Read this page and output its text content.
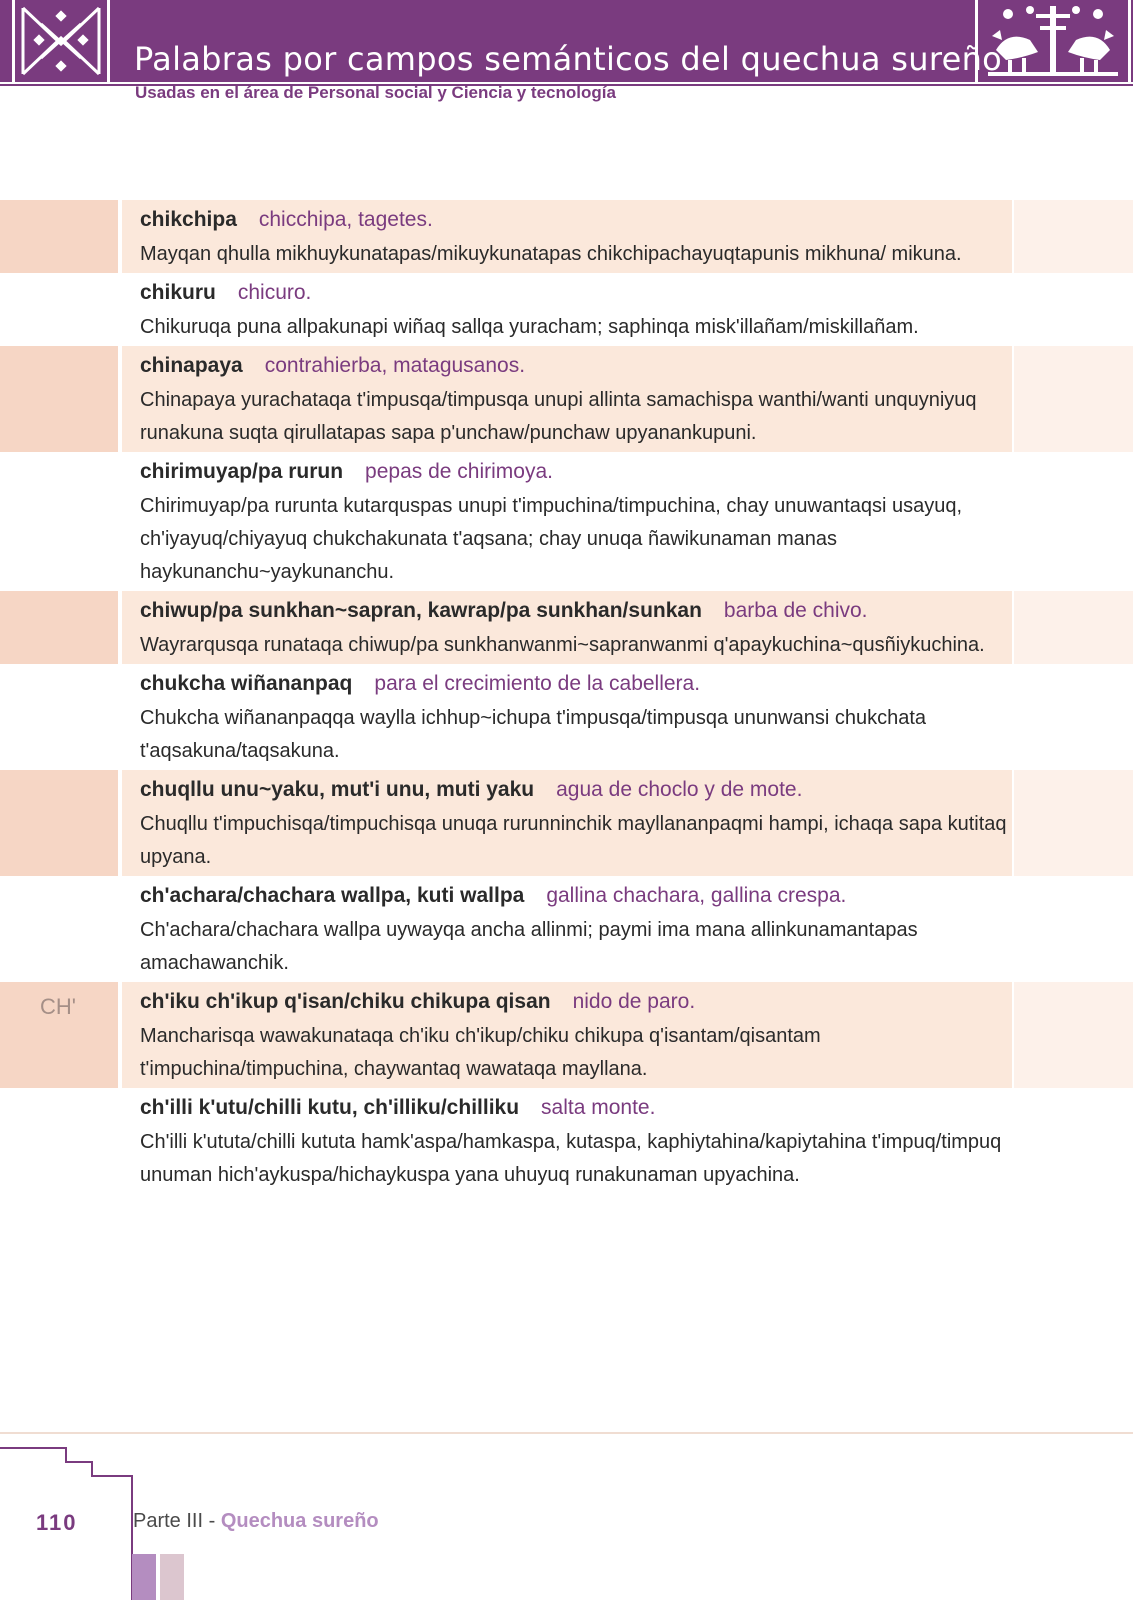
Palabras por campos semánticos del quechua sureño
Usadas en el área de Personal social y Ciencia y tecnología
chikchipa chicchipa, tagetes.
Mayqan qhulla mikhuykunatapas/mikuykunatapas chikchipachayuqtapunis mikhuna/ mikuna.
chikuru chicuro.
Chikuruqa puna allpakunapi wiñaq sallqa yuracham; saphinqa misk'illañam/miskillañam.
chinapaya contrahierba, matagusanos.
Chinapaya yurachataqa t'impusqa/timpusqa unupi allinta samachispa wanthi/wanti unquyniyuq runakuna suqta qirullatapas sapa p'unchaw/punchaw upyanankupuni.
chirimuyap/pa rurun pepas de chirimoya.
Chirimuyap/pa rurunta kutarquspas unupi t'impuchina/timpuchina, chay unuwantaqsi usayuq, ch'iyayuq/chiyayuq chukchakunata t'aqsana; chay unuqa ñawikunaman manas haykunanchu~yaykunanchu.
chiwup/pa sunkhan~sapran, kawrap/pa sunkhan/sunkan barba de chivo.
Wayrarqusqa runataqa chiwup/pa sunkhanwanmi~sapranwanmi q'apaykuchina~qusñiykuchina.
chukcha wiñananpaq para el crecimiento de la cabellera.
Chukcha wiñananpaqqa waylla ichhup~ichupa t'impusqa/timpusqa ununwansi chukchata t'aqsakuna/taqsakuna.
chuqllu unu~yaku, mut'i unu, muti yaku agua de choclo y de mote.
Chuqllu t'impuchisqa/timpuchisqa unuqa rurunninchik mayllananpaqmi hampi, ichaqa sapa kutitaq upyana.
ch'achara/chachara wallpa, kuti wallpa gallina chachara, gallina crespa.
Ch'achara/chachara wallpa uywayqa ancha allinmi; paymi ima mana allinkunamantapas amachawanchik.
CH'	ch'iku ch'ikup q'isan/chiku chikupa qisan nido de paro.
Mancharisqa wawakunataqa ch'iku ch'ikup/chiku chikupa q'isantam/qisantam t'impuchina/timpuchina, chaywantaq wawataqa mayllana.
ch'illi k'utu/chilli kutu, ch'illiku/chilliku salta monte.
Ch'illi k'ututa/chilli kututa hamk'aspa/hamkaspa, kutaspa, kaphiytahina/kapiytahina t'impuq/timpuq unuman hich'aykuspa/hichaykuspa yana uhuyuq runakunaman upyachina.
110	Parte III - Quechua sureño
